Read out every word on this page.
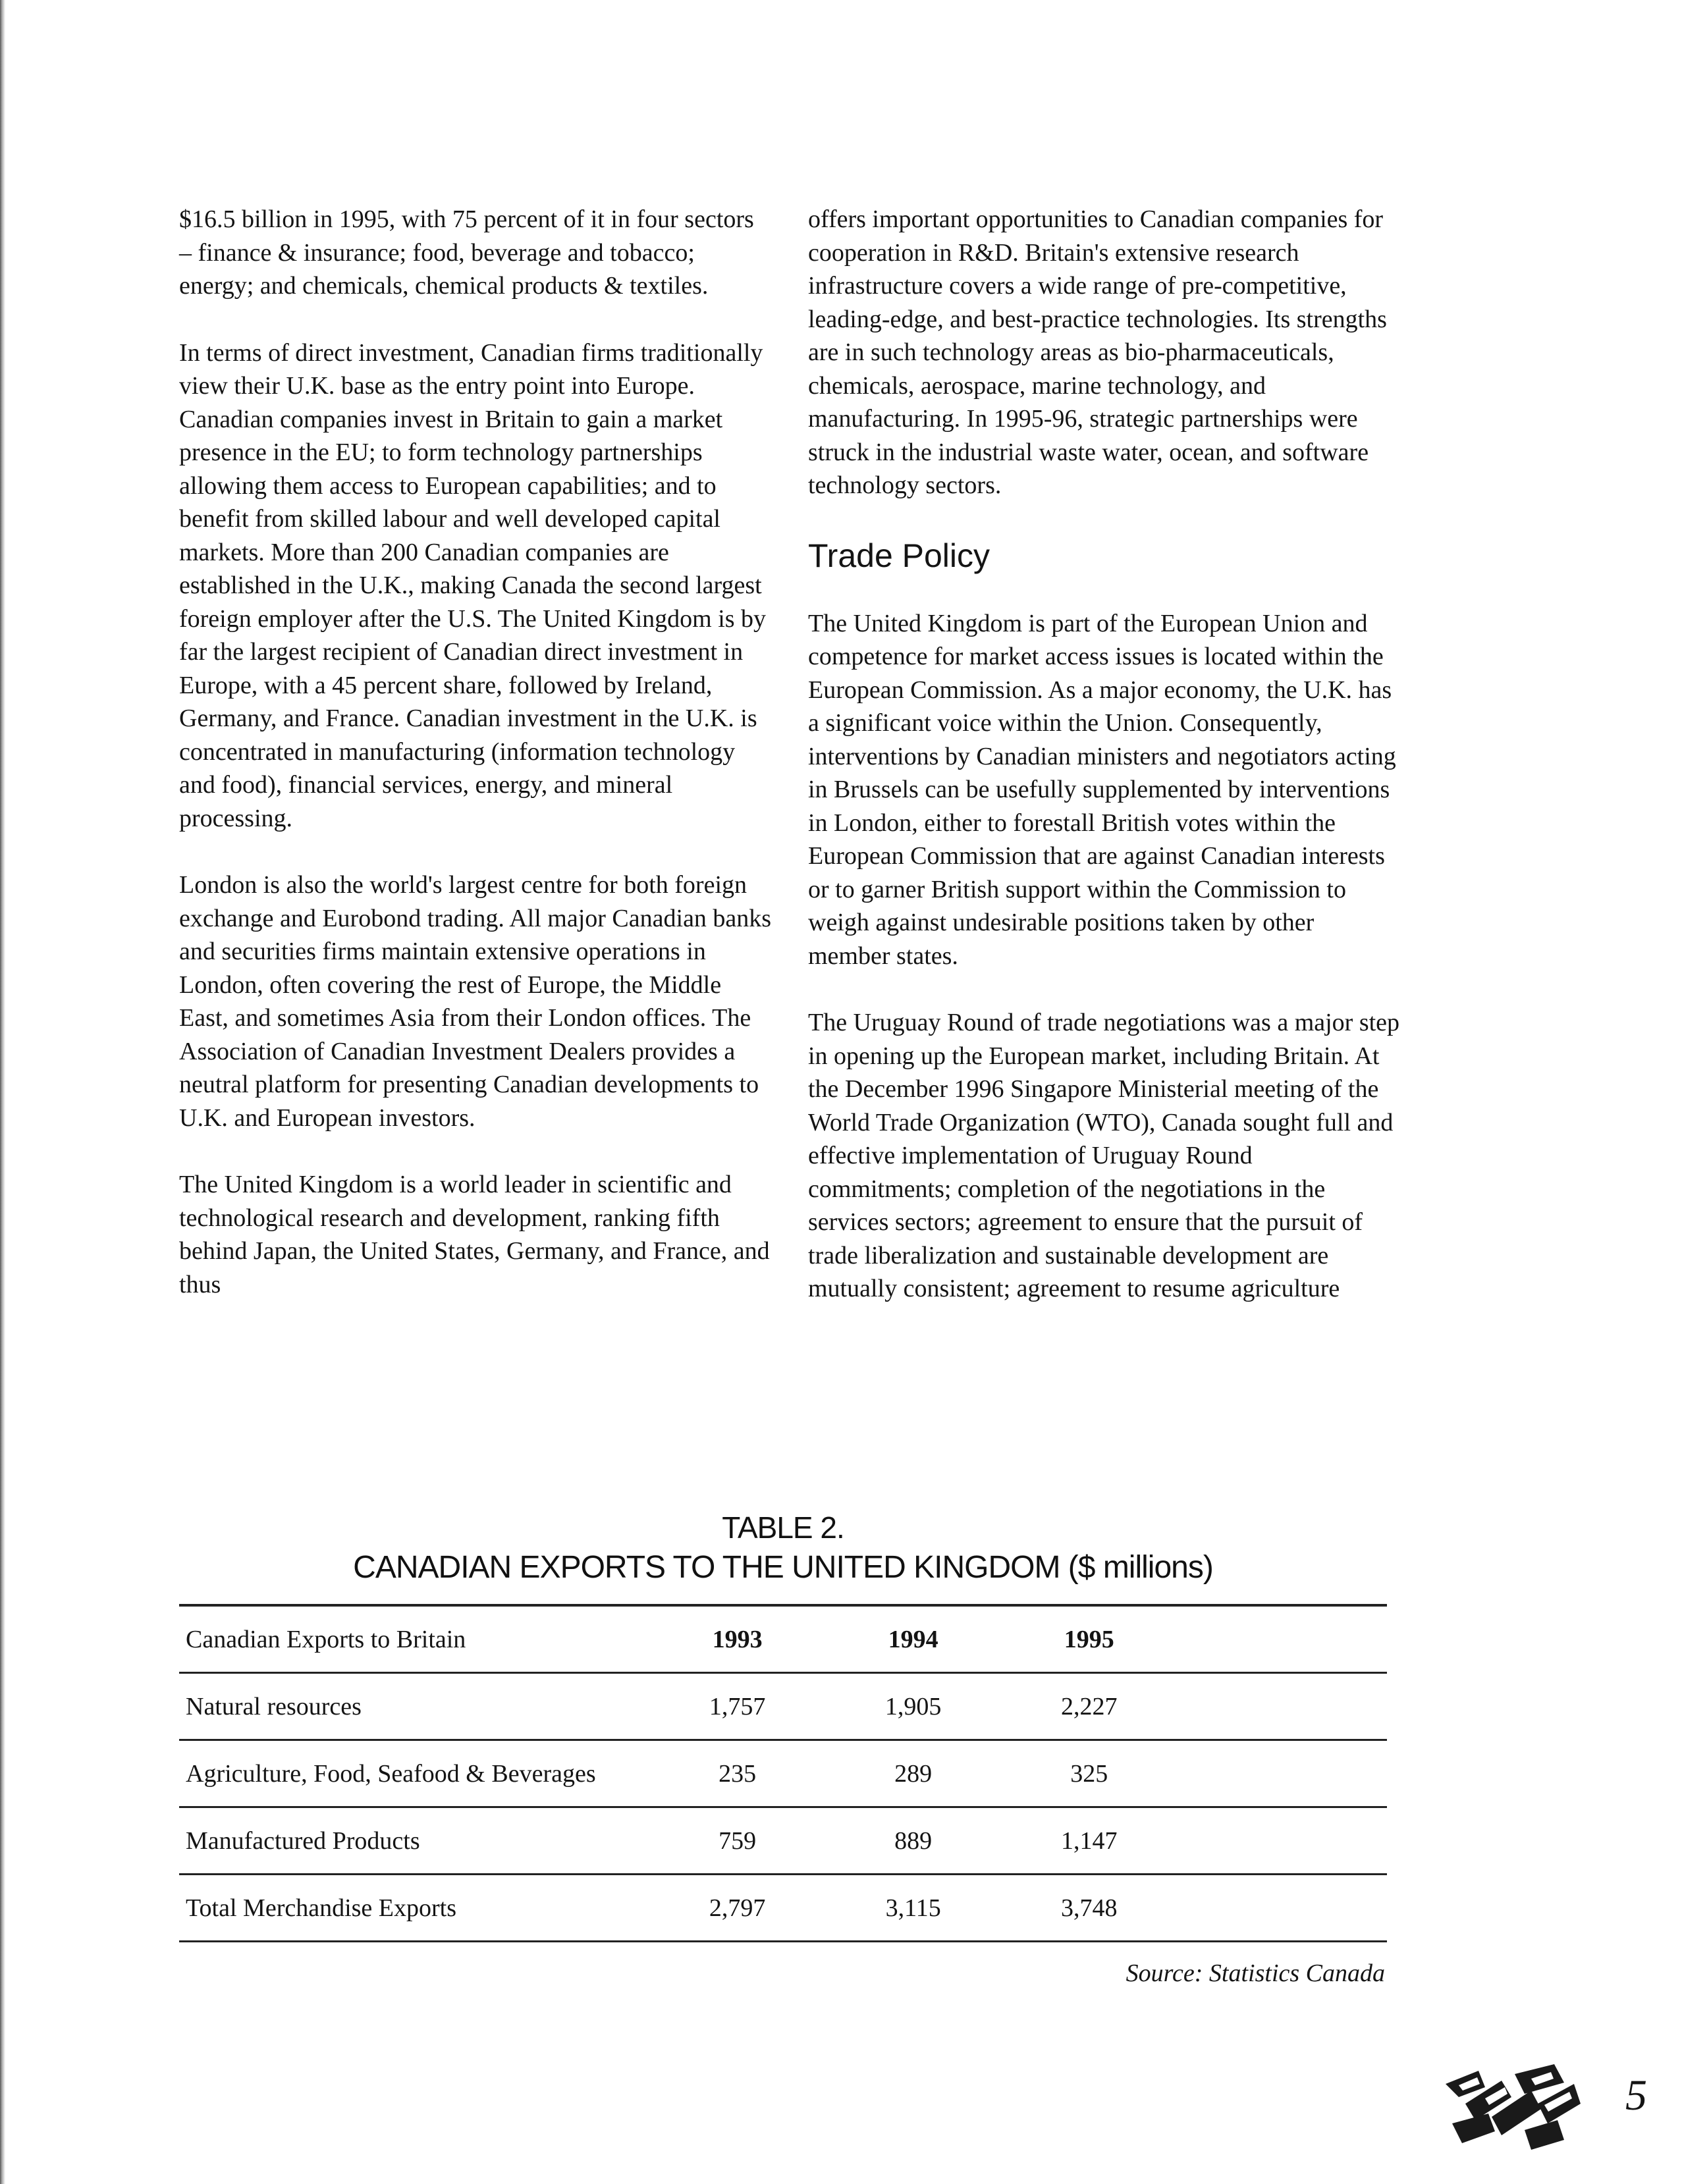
$16.5 billion in 1995, with 75 percent of it in four sectors – finance & insurance; food, beverage and tobacco; energy; and chemicals, chemical products & textiles.

In terms of direct investment, Canadian firms traditionally view their U.K. base as the entry point into Europe. Canadian companies invest in Britain to gain a market presence in the EU; to form technology partnerships allowing them access to European capabilities; and to benefit from skilled labour and well developed capital markets. More than 200 Canadian companies are established in the U.K., making Canada the second largest foreign employer after the U.S. The United Kingdom is by far the largest recipient of Canadian direct investment in Europe, with a 45 percent share, followed by Ireland, Germany, and France. Canadian investment in the U.K. is concentrated in manufacturing (information technology and food), financial services, energy, and mineral processing.

London is also the world's largest centre for both foreign exchange and Eurobond trading. All major Canadian banks and securities firms maintain extensive operations in London, often covering the rest of Europe, the Middle East, and sometimes Asia from their London offices. The Association of Canadian Investment Dealers provides a neutral platform for presenting Canadian developments to U.K. and European investors.

The United Kingdom is a world leader in scientific and technological research and development, ranking fifth behind Japan, the United States, Germany, and France, and thus

offers important opportunities to Canadian companies for cooperation in R&D. Britain's extensive research infrastructure covers a wide range of pre-competitive, leading-edge, and best-practice technologies. Its strengths are in such technology areas as bio-pharmaceuticals, chemicals, aerospace, marine technology, and manufacturing. In 1995-96, strategic partnerships were struck in the industrial waste water, ocean, and software technology sectors.

Trade Policy

The United Kingdom is part of the European Union and competence for market access issues is located within the European Commission. As a major economy, the U.K. has a significant voice within the Union. Consequently, interventions by Canadian ministers and negotiators acting in Brussels can be usefully supplemented by interventions in London, either to forestall British votes within the European Commission that are against Canadian interests or to garner British support within the Commission to weigh against undesirable positions taken by other member states.

The Uruguay Round of trade negotiations was a major step in opening up the European market, including Britain. At the December 1996 Singapore Ministerial meeting of the World Trade Organization (WTO), Canada sought full and effective implementation of Uruguay Round commitments; completion of the negotiations in the services sectors; agreement to ensure that the pursuit of trade liberalization and sustainable development are mutually consistent; agreement to resume agriculture

TABLE 2.
CANADIAN EXPORTS TO THE UNITED KINGDOM ($ millions)
Canadian Exports to Britain	1993	1994	1995	
Natural resources	1,757	1,905	2,227	
Agriculture, Food, Seafood & Beverages	235	289	325	
Manufactured Products	759	889	1,147	
Total Merchandise Exports	2,797	3,115	3,748	
Source: Statistics Canada
5
